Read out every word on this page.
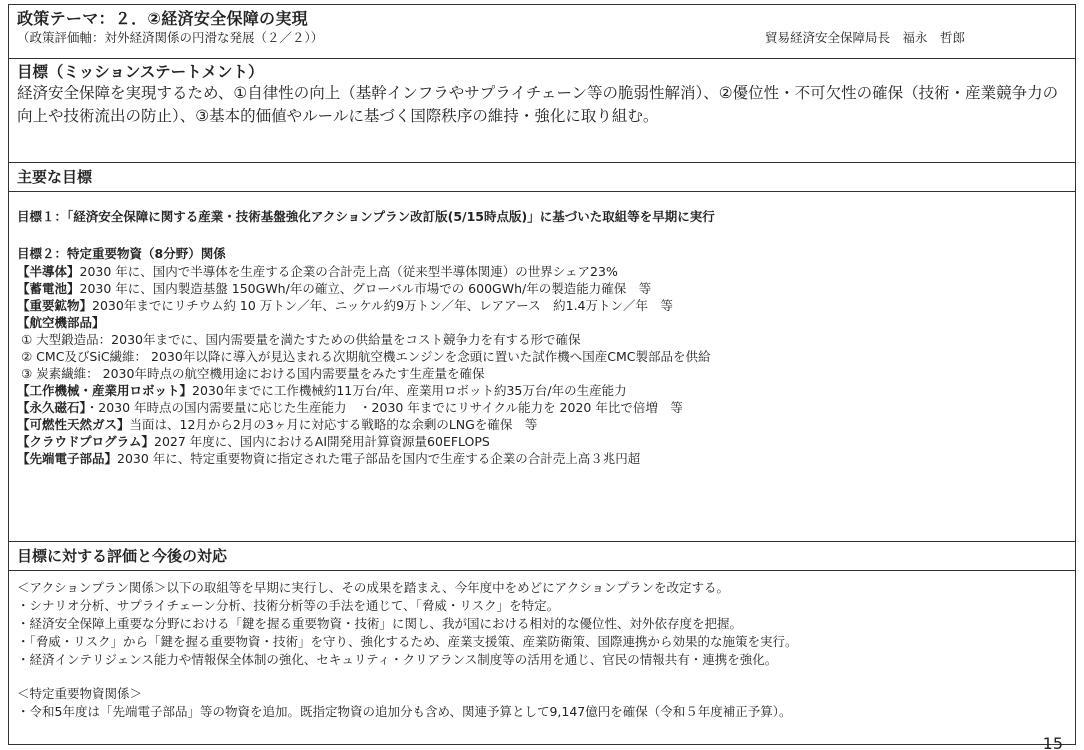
政策テーマ：２．②経済安全保障の実現
（政策評価軸：対外経済関係の円滑な発展（２／２））	貿易経済安全保障局長　福永　哲郎
目標（ミッションステートメント）
経済安全保障を実現するため、①自律性の向上（基幹インフラやサプライチェーン等の脆弱性解消）、②優位性・不可欠性の確保（技術・産業競争力の向上や技術流出の防止）、③基本的価値やルールに基づく国際秩序の維持・強化に取り組む。
主要な目標
目標１：「経済安全保障に関する産業・技術基盤強化アクションプラン改訂版(5/15時点版)」に基づいた取組等を早期に実行
目標２：特定重要物資（8分野）関係
【半導体】2030 年に、国内で半導体を生産する企業の合計売上高（従来型半導体関連）の世界シェア23%
【蓄電池】2030 年に、国内製造基盤 150GWh/年の確立、グローバル市場での 600GWh/年の製造能力確保　等
【重要鉱物】2030年までにリチウム約 10 万トン／年、ニッケル約9万トン／年、レアアース　約1.4万トン／年　等
【航空機部品】
① 大型鍛造品：2030年までに、国内需要量を満たすための供給量をコスト競争力を有する形で確保
② CMC及びSiC繊維： 2030年以降に導入が見込まれる次期航空機エンジンを念頭に置いた試作機へ国産CMC製部品を供給
③ 炭素繊維： 2030年時点の航空機用途における国内需要量をみたす生産量を確保
【工作機械・産業用ロボット】2030年までに工作機械約11万台/年、産業用ロボット約35万台/年の生産能力
【永久磁石】・2030 年時点の国内需要量に応じた生産能力　・2030 年までにリサイクル能力を 2020 年比で倍増　等
【可燃性天然ガス】当面は、12月から2月の3ヶ月に対応する戦略的な余剰のLNGを確保　等
【クラウドプログラム】2027 年度に、国内におけるAI開発用計算資源量60EFLOPS
【先端電子部品】2030 年に、特定重要物資に指定された電子部品を国内で生産する企業の合計売上高３兆円超
目標に対する評価と今後の対応
＜アクションプラン関係＞以下の取組等を早期に実行し、その成果を踏まえ、今年度中をめどにアクションプランを改定する。
・シナリオ分析、サプライチェーン分析、技術分析等の手法を通じて、「脅威・リスク」を特定。
・経済安全保障上重要な分野における「鍵を握る重要物資・技術」に関し、我が国における相対的な優位性、対外依存度を把握。
・「脅威・リスク」から「鍵を握る重要物資・技術」を守り、強化するため、産業支援策、産業防衛策、国際連携から効果的な施策を実行。
・経済インテリジェンス能力や情報保全体制の強化、セキュリティ・クリアランス制度等の活用を通じ、官民の情報共有・連携を強化。
＜特定重要物資関係＞
・令和5年度は「先端電子部品」等の物資を追加。既指定物資の追加分も含め、関連予算として9,147億円を確保（令和５年度補正予算）。
15
